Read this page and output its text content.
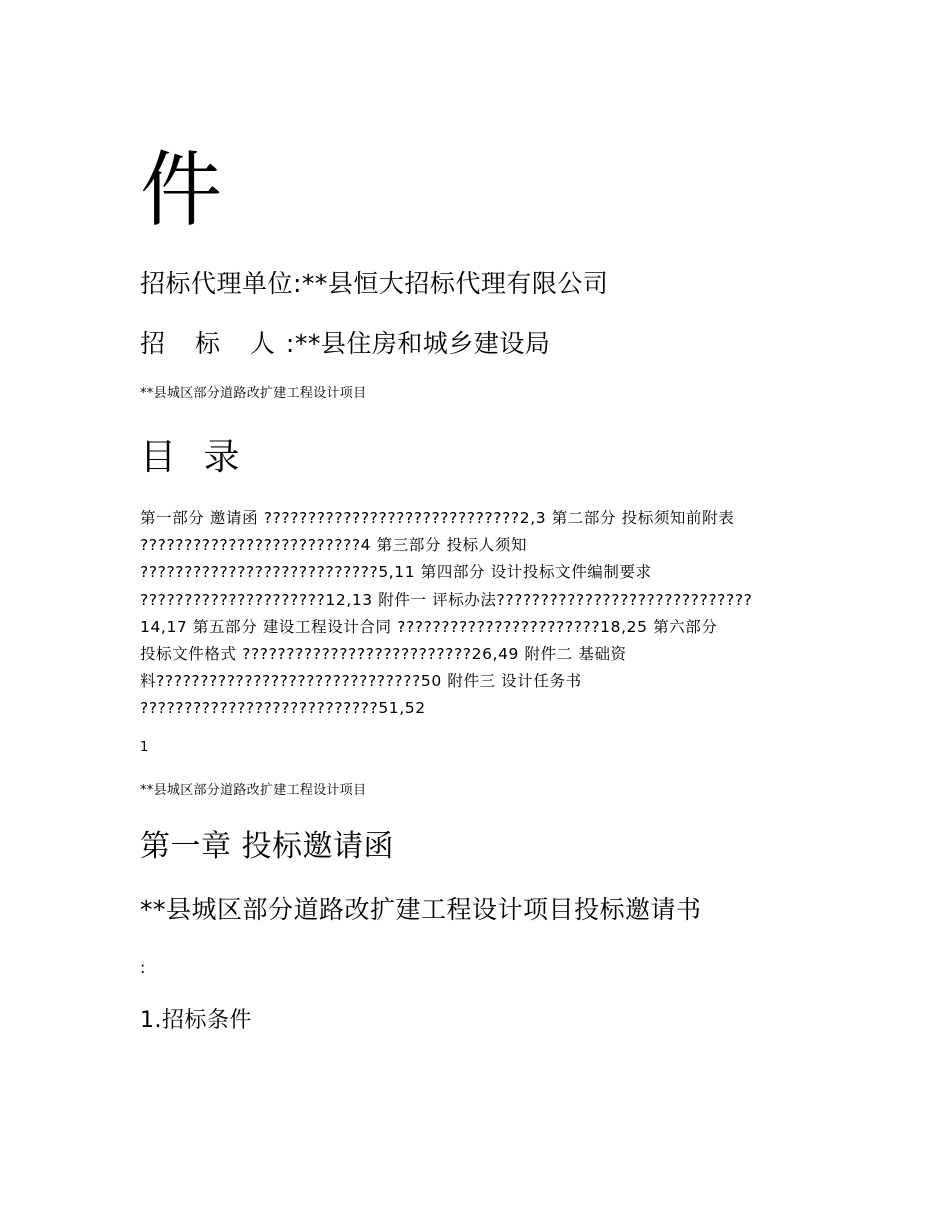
件
招标代理单位:**县恒大招标代理有限公司
招 标 人:**县住房和城乡建设局
**县城区部分道路改扩建工程设计项目
目 录
第一部分 邀请函 ?????????????????????????????2,3 第二部分 投标须知前附表
?????????????????????????4 第三部分 投标人须知
???????????????????????????5,11 第四部分 设计投标文件编制要求
?????????????????????12,13 附件一 评标办法?????????????????????????????
14,17 第五部分 建设工程设计合同 ???????????????????????18,25 第六部分
投标文件格式 ??????????????????????????26,49 附件二 基础资
料??????????????????????????????50 附件三 设计任务书
???????????????????????????51,52
1
**县城区部分道路改扩建工程设计项目
第一章 投标邀请函
**县城区部分道路改扩建工程设计项目投标邀请书
:
1.招标条件
